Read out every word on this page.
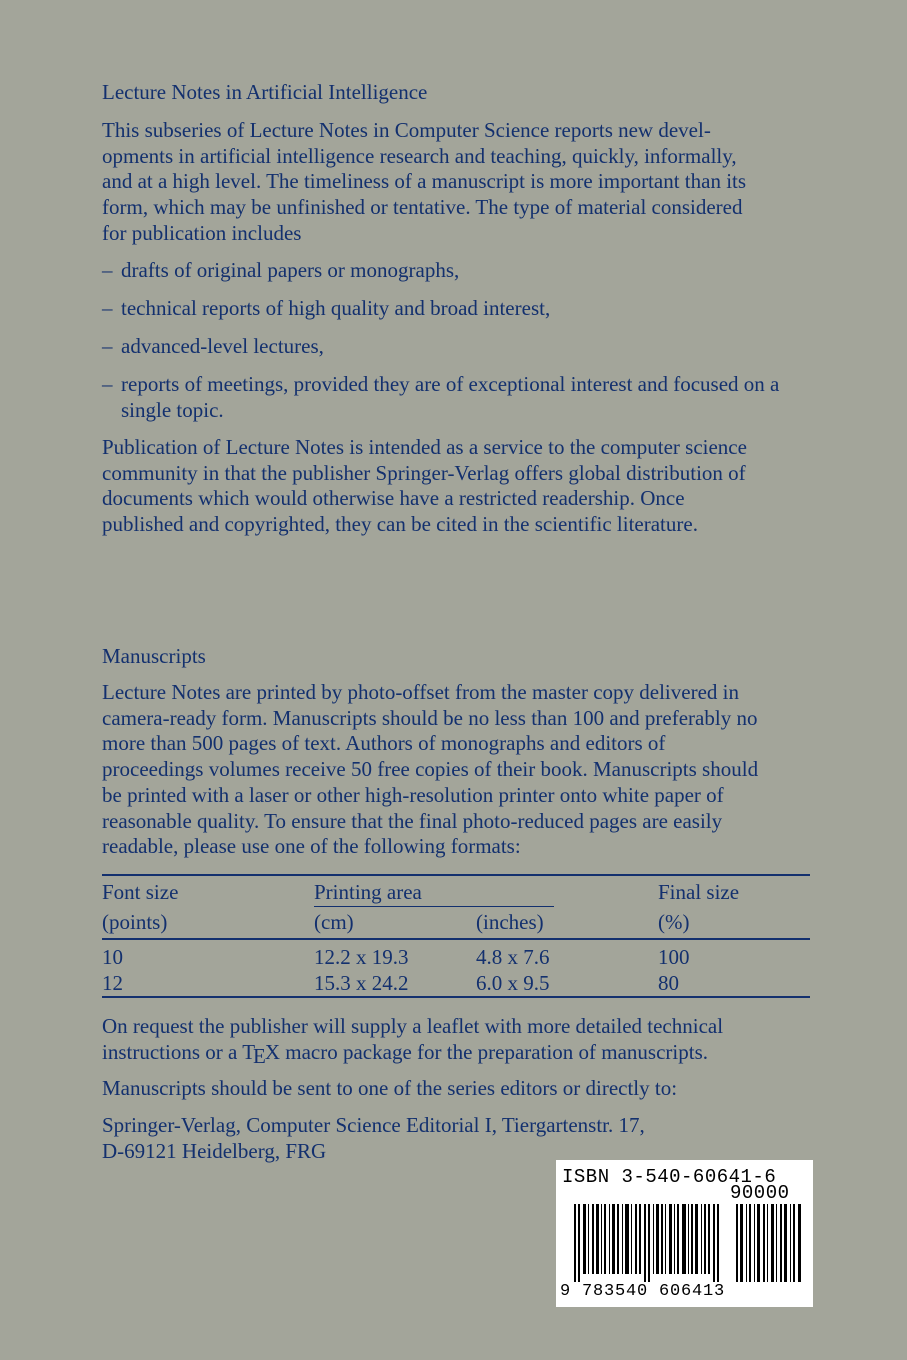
Lecture Notes in Artificial Intelligence
This subseries of Lecture Notes in Computer Science reports new devel-
opments in artificial intelligence research and teaching, quickly, informally,
and at a high level. The timeliness of a manuscript is more important than its
form, which may be unfinished or tentative. The type of material considered
for publication includes
– drafts of original papers or monographs,
– technical reports of high quality and broad interest,
– advanced-level lectures,
– reports of meetings, provided they are of exceptional interest and focused on a single topic.
Publication of Lecture Notes is intended as a service to the computer science
community in that the publisher Springer-Verlag offers global distribution of
documents which would otherwise have a restricted readership. Once
published and copyrighted, they can be cited in the scientific literature.
Manuscripts
Lecture Notes are printed by photo-offset from the master copy delivered in
camera-ready form. Manuscripts should be no less than 100 and preferably no
more than 500 pages of text. Authors of monographs and editors of
proceedings volumes receive 50 free copies of their book. Manuscripts should
be printed with a laser or other high-resolution printer onto white paper of
reasonable quality. To ensure that the final photo-reduced pages are easily
readable, please use one of the following formats:
Font size	Printing area		Final size
(points)	(cm)	(inches)	(%)
10	12.2 x 19.3	4.8 x 7.6	100
12	15.3 x 24.2	6.0 x 9.5	80
On request the publisher will supply a leaflet with more detailed technical
instructions or a TEX macro package for the preparation of manuscripts.
Manuscripts should be sent to one of the series editors or directly to:
Springer-Verlag, Computer Science Editorial I, Tiergartenstr. 17,
D-69121 Heidelberg, FRG
ISBN 3-540-60641-6
90000
9 783540 606413
